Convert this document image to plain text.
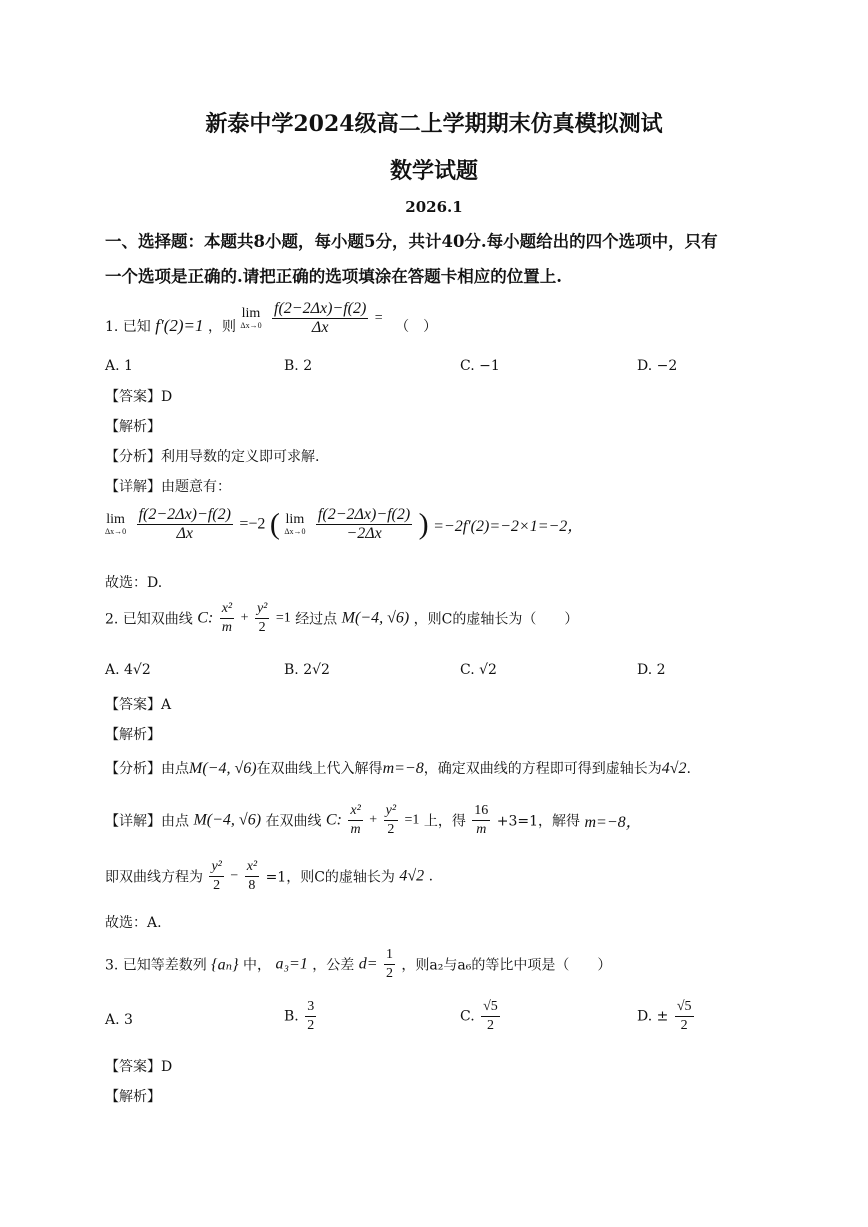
新泰中学2024级高二上学期期末仿真模拟测试
数学试题
2026.1
一、选择题：本题共8小题，每小题5分，共计40分.每小题给出的四个选项中，只有
一个选项是正确的.请把正确的选项填涂在答题卡相应的位置上.
1. 已知 f′(2)=1 ，则
lim
Δx→0
$\frac{f(2-2\Delta x)-f(2)}{\Delta x}$ = （　）
A. 1	B. 2	C. −1	D. −2
【答案】D
【解析】
【分析】利用导数的定义即可求解.
【详解】由题意有：
lim
Δx→0
$\frac{f(2-2\Delta x)-f(2)}{\Delta x} =-2$ ( lim
Δx→0
$\frac{f(2-2\Delta x)-f(2)}{-2\Delta x}$ ) =−2f′(2)=−2×1=−2，
故选：D.
2. 已知双曲线 C: $\frac{\text{x²}}{m} + \frac{\text{y²}}{2} =1$ 经过点 M(−4, √6) ，则C的虚轴长为（　　）
A. 4√2	B. 2√2	C. √2	D. 2
【答案】A
【解析】
【分析】由点M(−4, √6)在双曲线上代入解得m=−8，确定双曲线的方程即可得到虚轴长为4√2.
【详解】由点 M(−4, √6) 在双曲线 C: $\frac{\text{x²}}{m} + \frac{\text{y²}}{2} =1$ 上，得 $\frac{16}{m} +3=1$，解得 m=−8，
即双曲线方程为 $\frac{\text{y²}}{2} - \frac{\text{x²}}{8} =1$，则C的虚轴长为 4√2 .
故选：A.
3. 已知等差数列 {aₙ} 中， a₃=1 ，公差 $d= \frac{1}{2}$ ，则a₂与a₆的等比中项是（　　）
A. 3	B. $\frac{3}{2}$	C. $\frac{√5}{2}$	D. ± $\frac{√5}{2}$
【答案】D
【解析】
